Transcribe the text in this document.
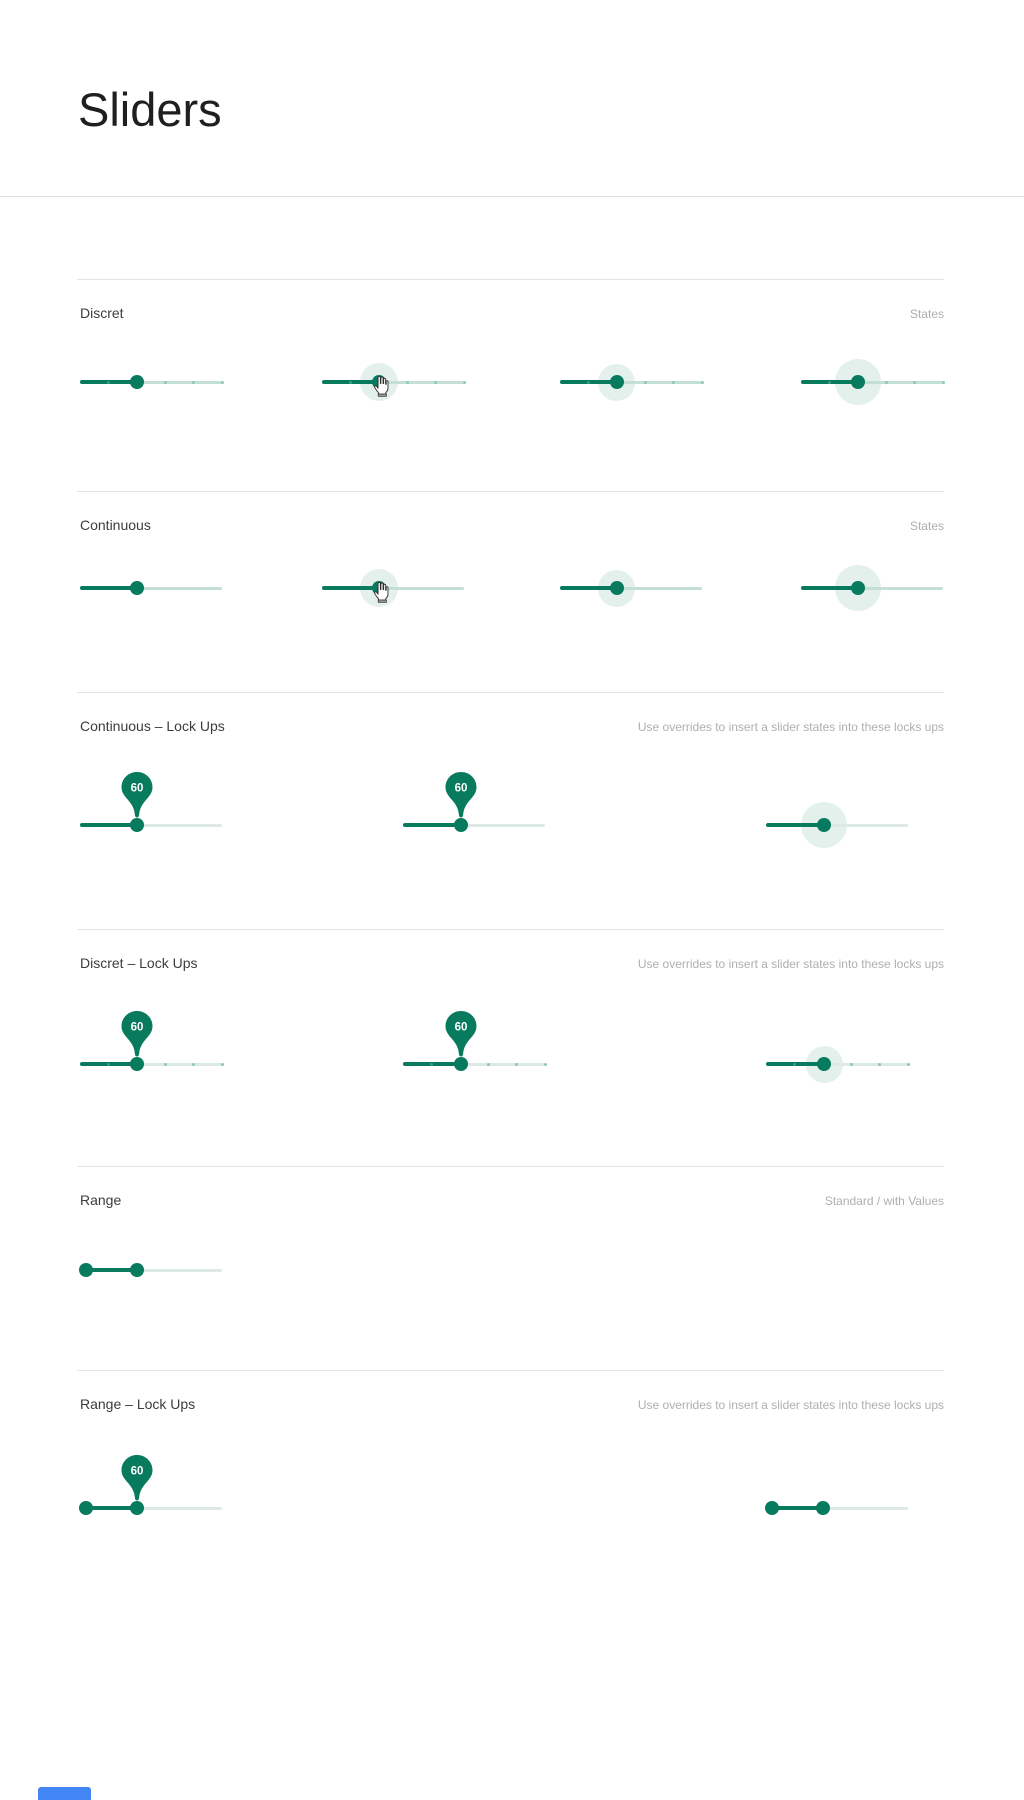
Sliders
Discret	States
Continuous	States
Continuous – Lock Ups	Use overrides to insert a slider states into these locks ups
60	60
Discret – Lock Ups	Use overrides to insert a slider states into these locks ups
60	60
Range	Standard / with Values
Range – Lock Ups	Use overrides to insert a slider states into these locks ups
60
